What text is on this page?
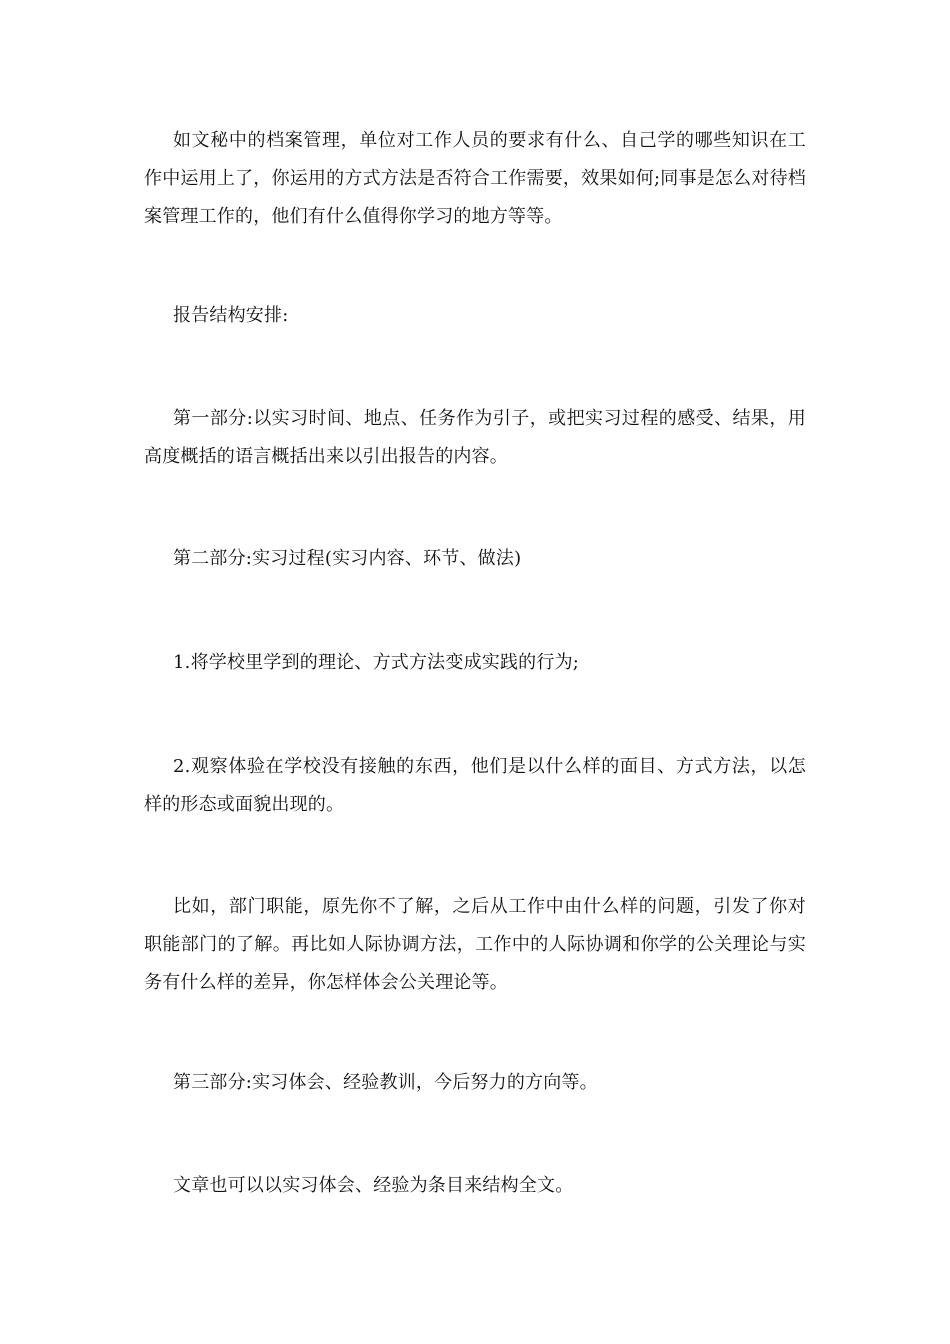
如文秘中的档案管理，单位对工作人员的要求有什么、自己学的哪些知识在工作中运用上了，你运用的方式方法是否符合工作需要，效果如何;同事是怎么对待档案管理工作的，他们有什么值得你学习的地方等等。

报告结构安排:

第一部分:以实习时间、地点、任务作为引子，或把实习过程的感受、结果，用高度概括的语言概括出来以引出报告的内容。

第二部分:实习过程(实习内容、环节、做法)

1.将学校里学到的理论、方式方法变成实践的行为;

2.观察体验在学校没有接触的东西，他们是以什么样的面目、方式方法，以怎样的形态或面貌出现的。

比如，部门职能，原先你不了解，之后从工作中由什么样的问题，引发了你对职能部门的了解。再比如人际协调方法，工作中的人际协调和你学的公关理论与实务有什么样的差异，你怎样体会公关理论等。

第三部分:实习体会、经验教训，今后努力的方向等。

文章也可以以实习体会、经验为条目来结构全文。
